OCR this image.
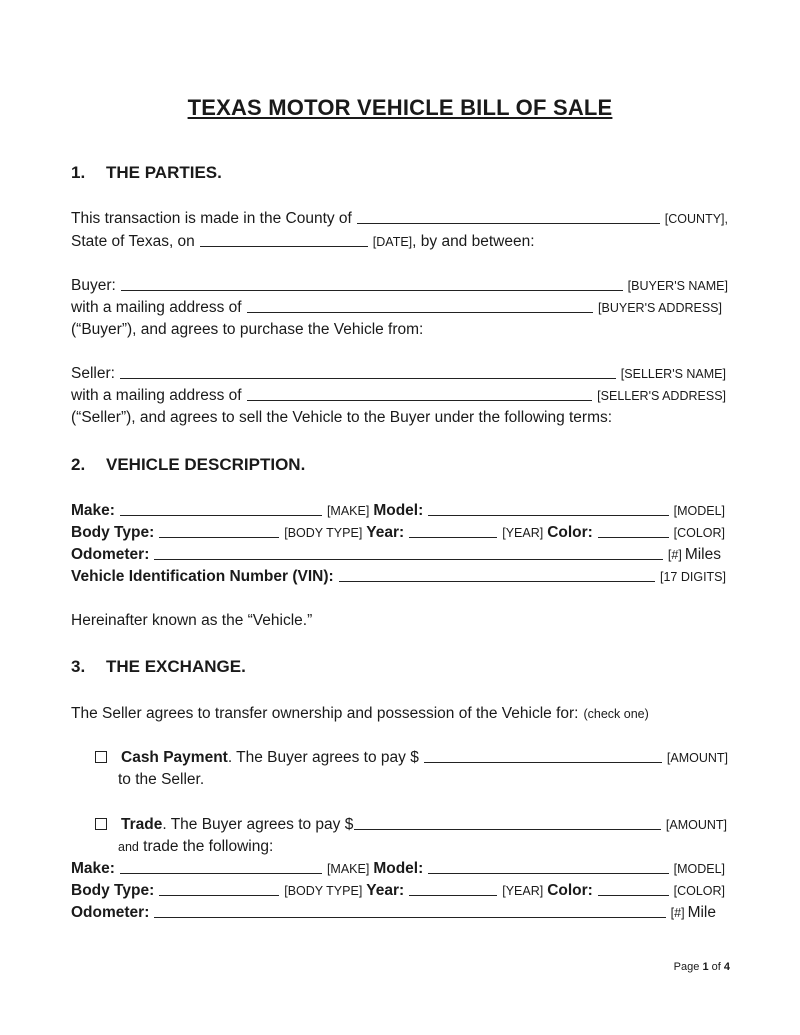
TEXAS MOTOR VEHICLE BILL OF SALE
1. THE PARTIES.
This transaction is made in the County of	[COUNTY],
State of Texas, on	[DATE] , by and between:
Buyer:	[BUYER'S NAME]
with a mailing address of	[BUYER'S ADDRESS]
(“Buyer”), and agrees to purchase the Vehicle from:
Seller:	[SELLER'S NAME]
with a mailing address of	[SELLER'S ADDRESS]
(“Seller”), and agrees to sell the Vehicle to the Buyer under the following terms:
2. VEHICLE DESCRIPTION.
Make:	[MAKE] Model:	[MODEL]
Body Type:	[BODY TYPE] Year:	[YEAR] Color:	[COLOR]
Odometer:	[#] Miles
Vehicle Identification Number (VIN):	[17 DIGITS]
Hereinafter known as the “Vehicle.”
3. THE EXCHANGE.
The Seller agrees to transfer ownership and possession of the Vehicle for: (check one)
Cash Payment . The Buyer agrees to pay $	[AMOUNT]
to the Seller.
Trade . The Buyer agrees to pay $	[AMOUNT]
and trade the following:
Make:	[MAKE] Model:	[MODEL]
Body Type:	[BODY TYPE] Year:	[YEAR] Color:	[COLOR]
Odometer:	[#] Mile
Page 1 of 4
